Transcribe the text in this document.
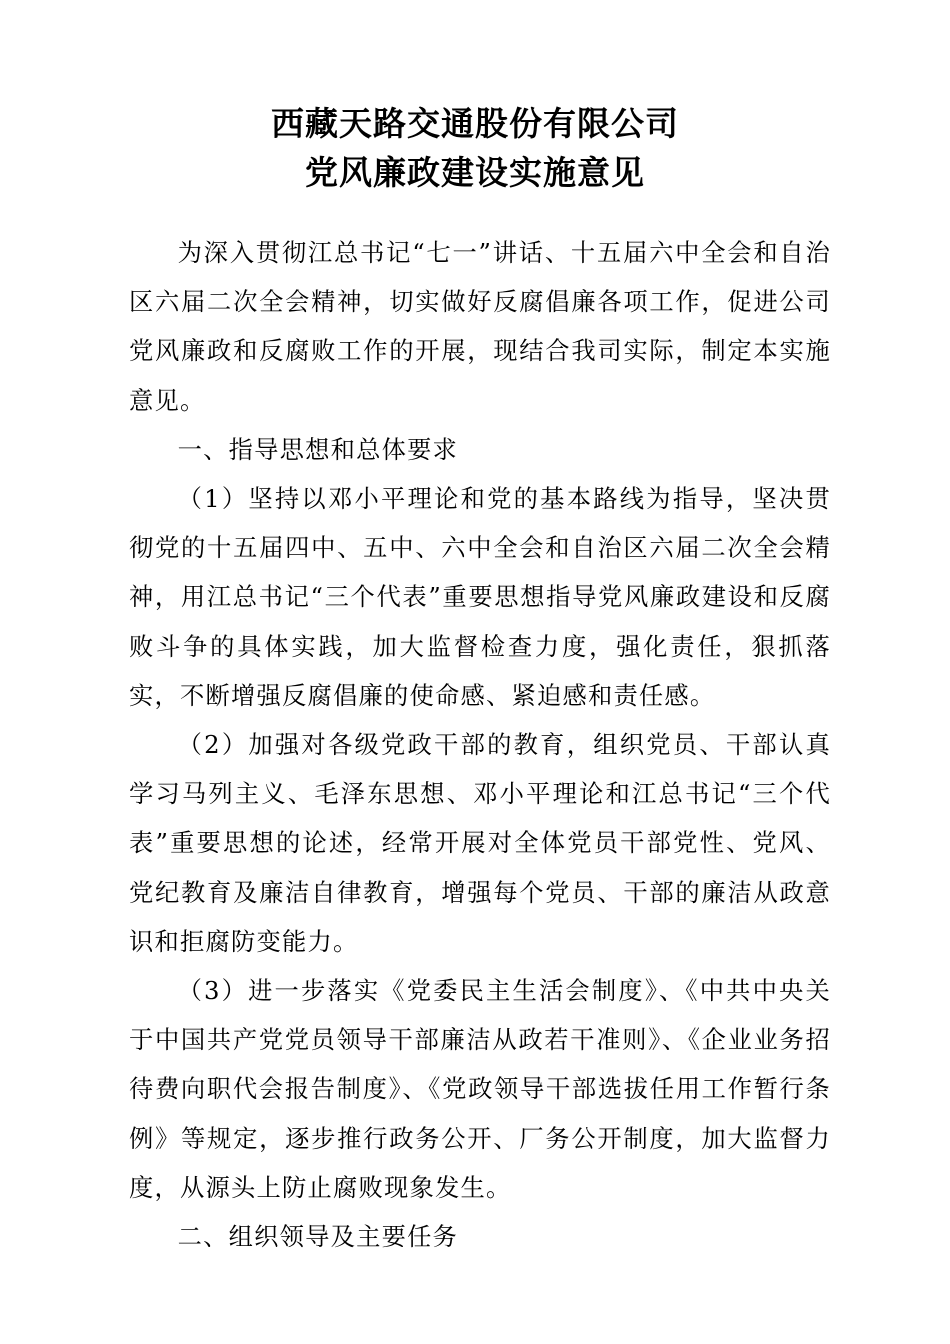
西藏天路交通股份有限公司
党风廉政建设实施意见

为深入贯彻江总书记“七一”讲话、十五届六中全会和自治区六届二次全会精神，切实做好反腐倡廉各项工作，促进公司党风廉政和反腐败工作的开展，现结合我司实际，制定本实施意见。

一、指导思想和总体要求

（1）坚持以邓小平理论和党的基本路线为指导，坚决贯彻党的十五届四中、五中、六中全会和自治区六届二次全会精神，用江总书记“三个代表”重要思想指导党风廉政建设和反腐败斗争的具体实践，加大监督检查力度，强化责任，狠抓落实，不断增强反腐倡廉的使命感、紧迫感和责任感。

（2）加强对各级党政干部的教育，组织党员、干部认真学习马列主义、毛泽东思想、邓小平理论和江总书记“三个代表”重要思想的论述，经常开展对全体党员干部党性、党风、党纪教育及廉洁自律教育，增强每个党员、干部的廉洁从政意识和拒腐防变能力。

（3）进一步落实《党委民主生活会制度》、《中共中央关于中国共产党党员领导干部廉洁从政若干准则》、《企业业务招待费向职代会报告制度》、《党政领导干部选拔任用工作暂行条例》等规定，逐步推行政务公开、厂务公开制度，加大监督力度，从源头上防止腐败现象发生。

二、组织领导及主要任务
